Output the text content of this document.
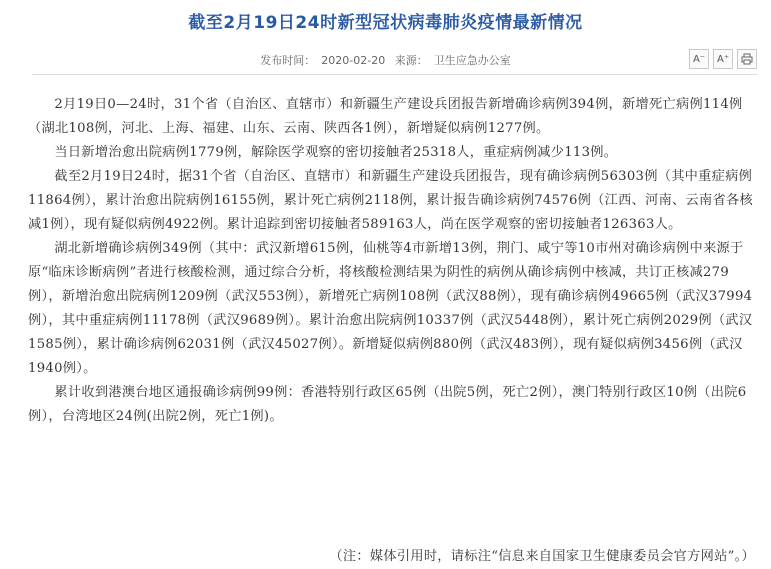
截至2月19日24时新型冠状病毒肺炎疫情最新情况
发布时间： 2020-02-20 来源： 卫生应急办公室	A⁻ A⁺

2月19日0—24时，31个省（自治区、直辖市）和新疆生产建设兵团报告新增确诊病例394例，新增死亡病例114例（湖北108例，河北、上海、福建、山东、云南、陕西各1例），新增疑似病例1277例。

当日新增治愈出院病例1779例，解除医学观察的密切接触者25318人，重症病例减少113例。

截至2月19日24时，据31个省（自治区、直辖市）和新疆生产建设兵团报告，现有确诊病例56303例（其中重症病例11864例），累计治愈出院病例16155例，累计死亡病例2118例，累计报告确诊病例74576例（江西、河南、云南省各核减1例），现有疑似病例4922例。累计追踪到密切接触者589163人，尚在医学观察的密切接触者126363人。

湖北新增确诊病例349例（其中：武汉新增615例，仙桃等4市新增13例，荆门、咸宁等10市州对确诊病例中来源于原“临床诊断病例”者进行核酸检测，通过综合分析，将核酸检测结果为阴性的病例从确诊病例中核减，共订正核减279例），新增治愈出院病例1209例（武汉553例），新增死亡病例108例（武汉88例），现有确诊病例49665例（武汉37994例），其中重症病例11178例（武汉9689例）。累计治愈出院病例10337例（武汉5448例），累计死亡病例2029例（武汉1585例），累计确诊病例62031例（武汉45027例）。新增疑似病例880例（武汉483例），现有疑似病例3456例（武汉1940例）。

累计收到港澳台地区通报确诊病例99例：香港特别行政区65例（出院5例，死亡2例），澳门特别行政区10例（出院6例），台湾地区24例(出院2例，死亡1例)。

（注：媒体引用时，请标注“信息来自国家卫生健康委员会官方网站”。）
